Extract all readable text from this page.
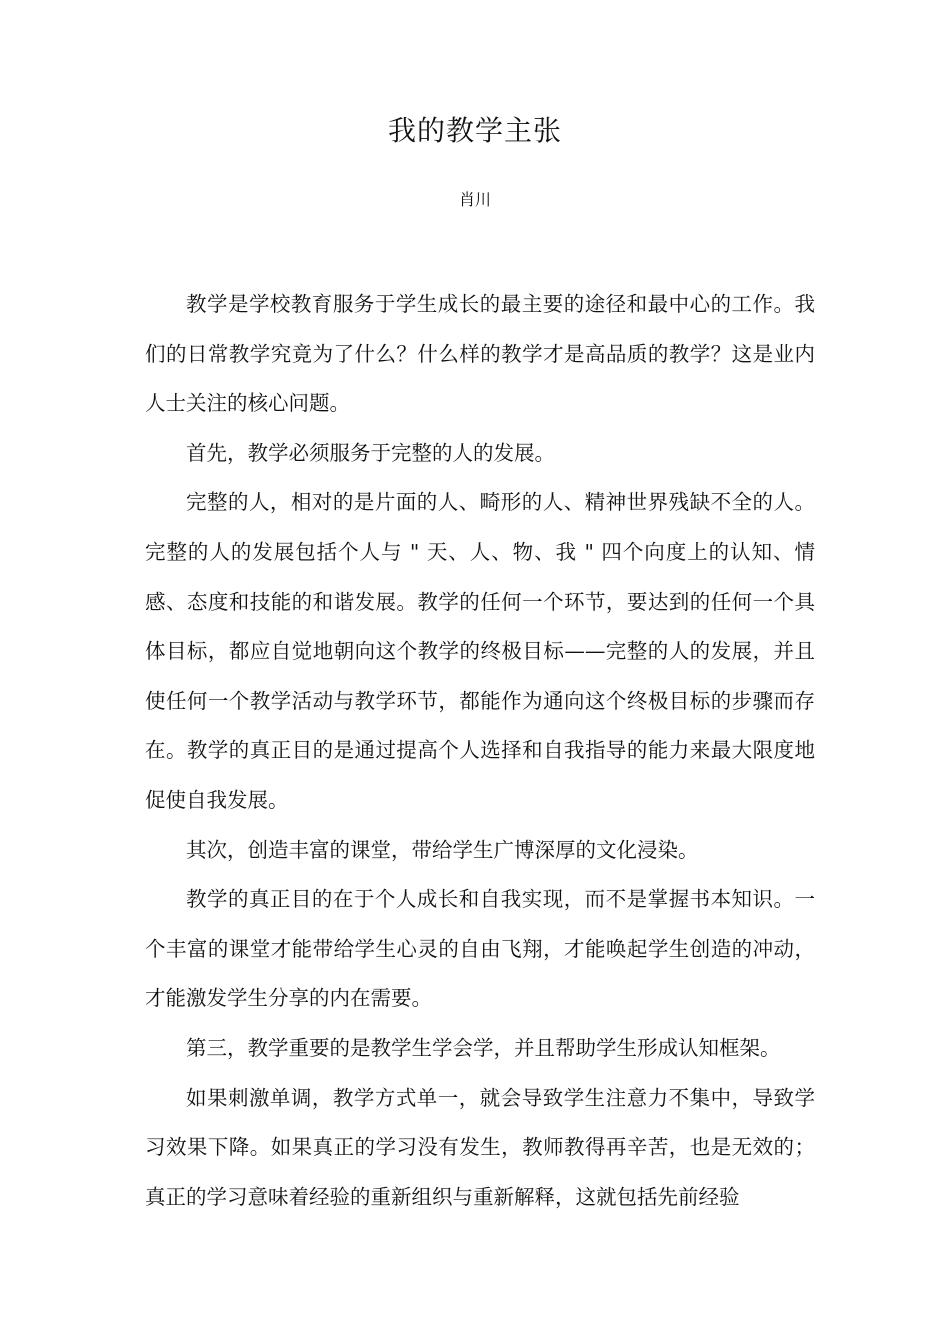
我的教学主张
肖川

教学是学校教育服务于学生成长的最主要的途径和最中心的工作。我们的日常教学究竟为了什么？什么样的教学才是高品质的教学？这是业内人士关注的核心问题。

首先，教学必须服务于完整的人的发展。

完整的人，相对的是片面的人、畸形的人、精神世界残缺不全的人。完整的人的发展包括个人与 " 天、人、物、我 " 四个向度上的认知、情感、态度和技能的和谐发展。教学的任何一个环节，要达到的任何一个具体目标，都应自觉地朝向这个教学的终极目标——完整的人的发展，并且使任何一个教学活动与教学环节，都能作为通向这个终极目标的步骤而存在。教学的真正目的是通过提高个人选择和自我指导的能力来最大限度地促使自我发展。

其次，创造丰富的课堂，带给学生广博深厚的文化浸染。

教学的真正目的在于个人成长和自我实现，而不是掌握书本知识。一个丰富的课堂才能带给学生心灵的自由飞翔，才能唤起学生创造的冲动，才能激发学生分享的内在需要。

第三，教学重要的是教学生学会学，并且帮助学生形成认知框架。

如果刺激单调，教学方式单一，就会导致学生注意力不集中，导致学习效果下降。如果真正的学习没有发生，教师教得再辛苦，也是无效的；真正的学习意味着经验的重新组织与重新解释，这就包括先前经验
